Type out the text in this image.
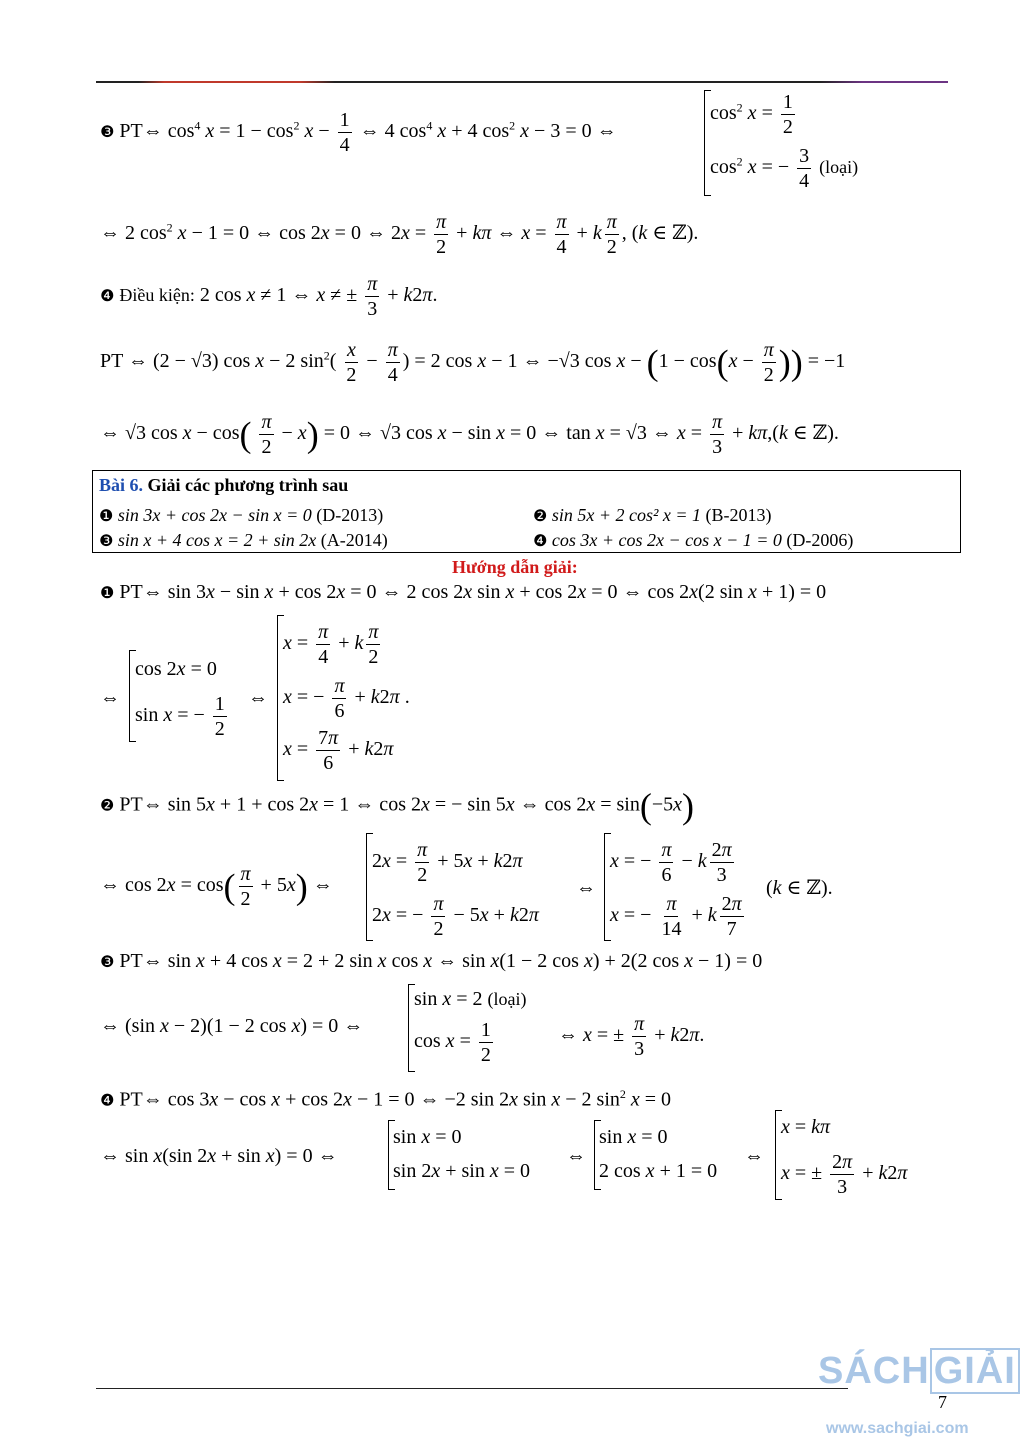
❸ PT⇔ $\cos^4 x = 1 - \cos^2 x - \frac{1}{4}$ ⇔ 4 $\cos^4 x + 4$ $\cos^2 x - 3 = 0$ ⇔
$\cos^2 x = \frac{1}{2}$
$\cos^2 x$ = − $\frac{3}{4}$ (loại)
⇔ 2 $\cos^2 x - 1 = 0$ ⇔ cos 2x = 0 ⇔ $2x = \frac{\pi}{2} + k\pi$ ⇔ $x = \frac{\pi}{4} + k \frac{\pi}{2}$ , (k ∈ ℤ).
❹ Điều kiện: 2 cos x ≠ 1 ⇔ x ≠ ± $\frac{\pi}{3} + k2\pi$.
PT ⇔ (2 − √3) cos x − 2 $\sin^2( \frac{x}{2} - \frac{\pi}{4}$ ) = 2 cos x − 1 ⇔ −√3 $\cos x - (1 - \cos(x - \frac{\pi}{2}$ )) = −1
⇔ √3 $\cos x - \cos( \frac{\pi}{2} - x) = 0$ ⇔ √3 cos x − sin x = 0 ⇔ tan x = √3 ⇔ $x = \frac{\pi}{3} + k\pi,(k$ ∈ ℤ).
Bài 6. Giải các phương trình sau
❶ sin 3x + cos 2x − sin x = 0 (D-2013)	❷ sin 5x + 2 cos² x = 1 (B-2013)
❸ sin x + 4 cos x = 2 + sin 2x (A-2014)	❹ cos 3x + cos 2x − cos x − 1 = 0 (D-2006)
Hướng dẫn giải:
❶ PT⇔ sin 3x − sin x + cos 2x = 0 ⇔ 2 cos 2x sin x + cos 2x = 0 ⇔ cos 2x(2 sin x + 1) = 0
⇔
cos 2x = 0
sin x = − $\frac{1}{2}$ ⇔
$x = \frac{\pi}{4} + k \frac{\pi}{2}$
x = − $\frac{\pi}{6} + k2\pi$ .
$x = \frac{7\pi}{6} + k2\pi$
❷ PT⇔ sin 5x + 1 + cos 2x = 1 ⇔ cos 2x = − sin 5x ⇔ cos 2x = sin(−5x)
⇔ $\cos 2x = \cos( \frac{\pi}{2} + 5x)$ ⇔
$2x = \frac{\pi}{2} + 5x + k2\pi$
2x = − $\frac{\pi}{2} - 5x + k2\pi$
⇔
x = − $\frac{\pi}{6} - k \frac{2\pi}{3}$
x = − $\frac{\pi}{14} + k \frac{2\pi}{7}$
(k ∈ ℤ).
❸ PT⇔ sin x + 4 cos x = 2 + 2 sin x cos x ⇔ sin x(1 − 2 cos x) + 2(2 cos x − 1) = 0
⇔ (sin x − 2)(1 − 2 cos x) = 0 ⇔
sin x = 2 (loại)
$\cos x = \frac{1}{2}$	⇔ x = ± $\frac{\pi}{3} + k2\pi$.
❹ PT⇔ cos 3x − cos x + cos 2x − 1 = 0 ⇔ −2 sin 2x sin x − 2 $\sin^2 x = 0$
⇔ sin x(sin 2x + sin x) = 0 ⇔
sin x = 0
sin 2x + sin x = 0
⇔
sin x = 0
2 cos x + 1 = 0
⇔
x = kπ
x = ± $\frac{2\pi}{3} + k2\pi$
SÁCH GIẢI
7
www.sachgiai.com
